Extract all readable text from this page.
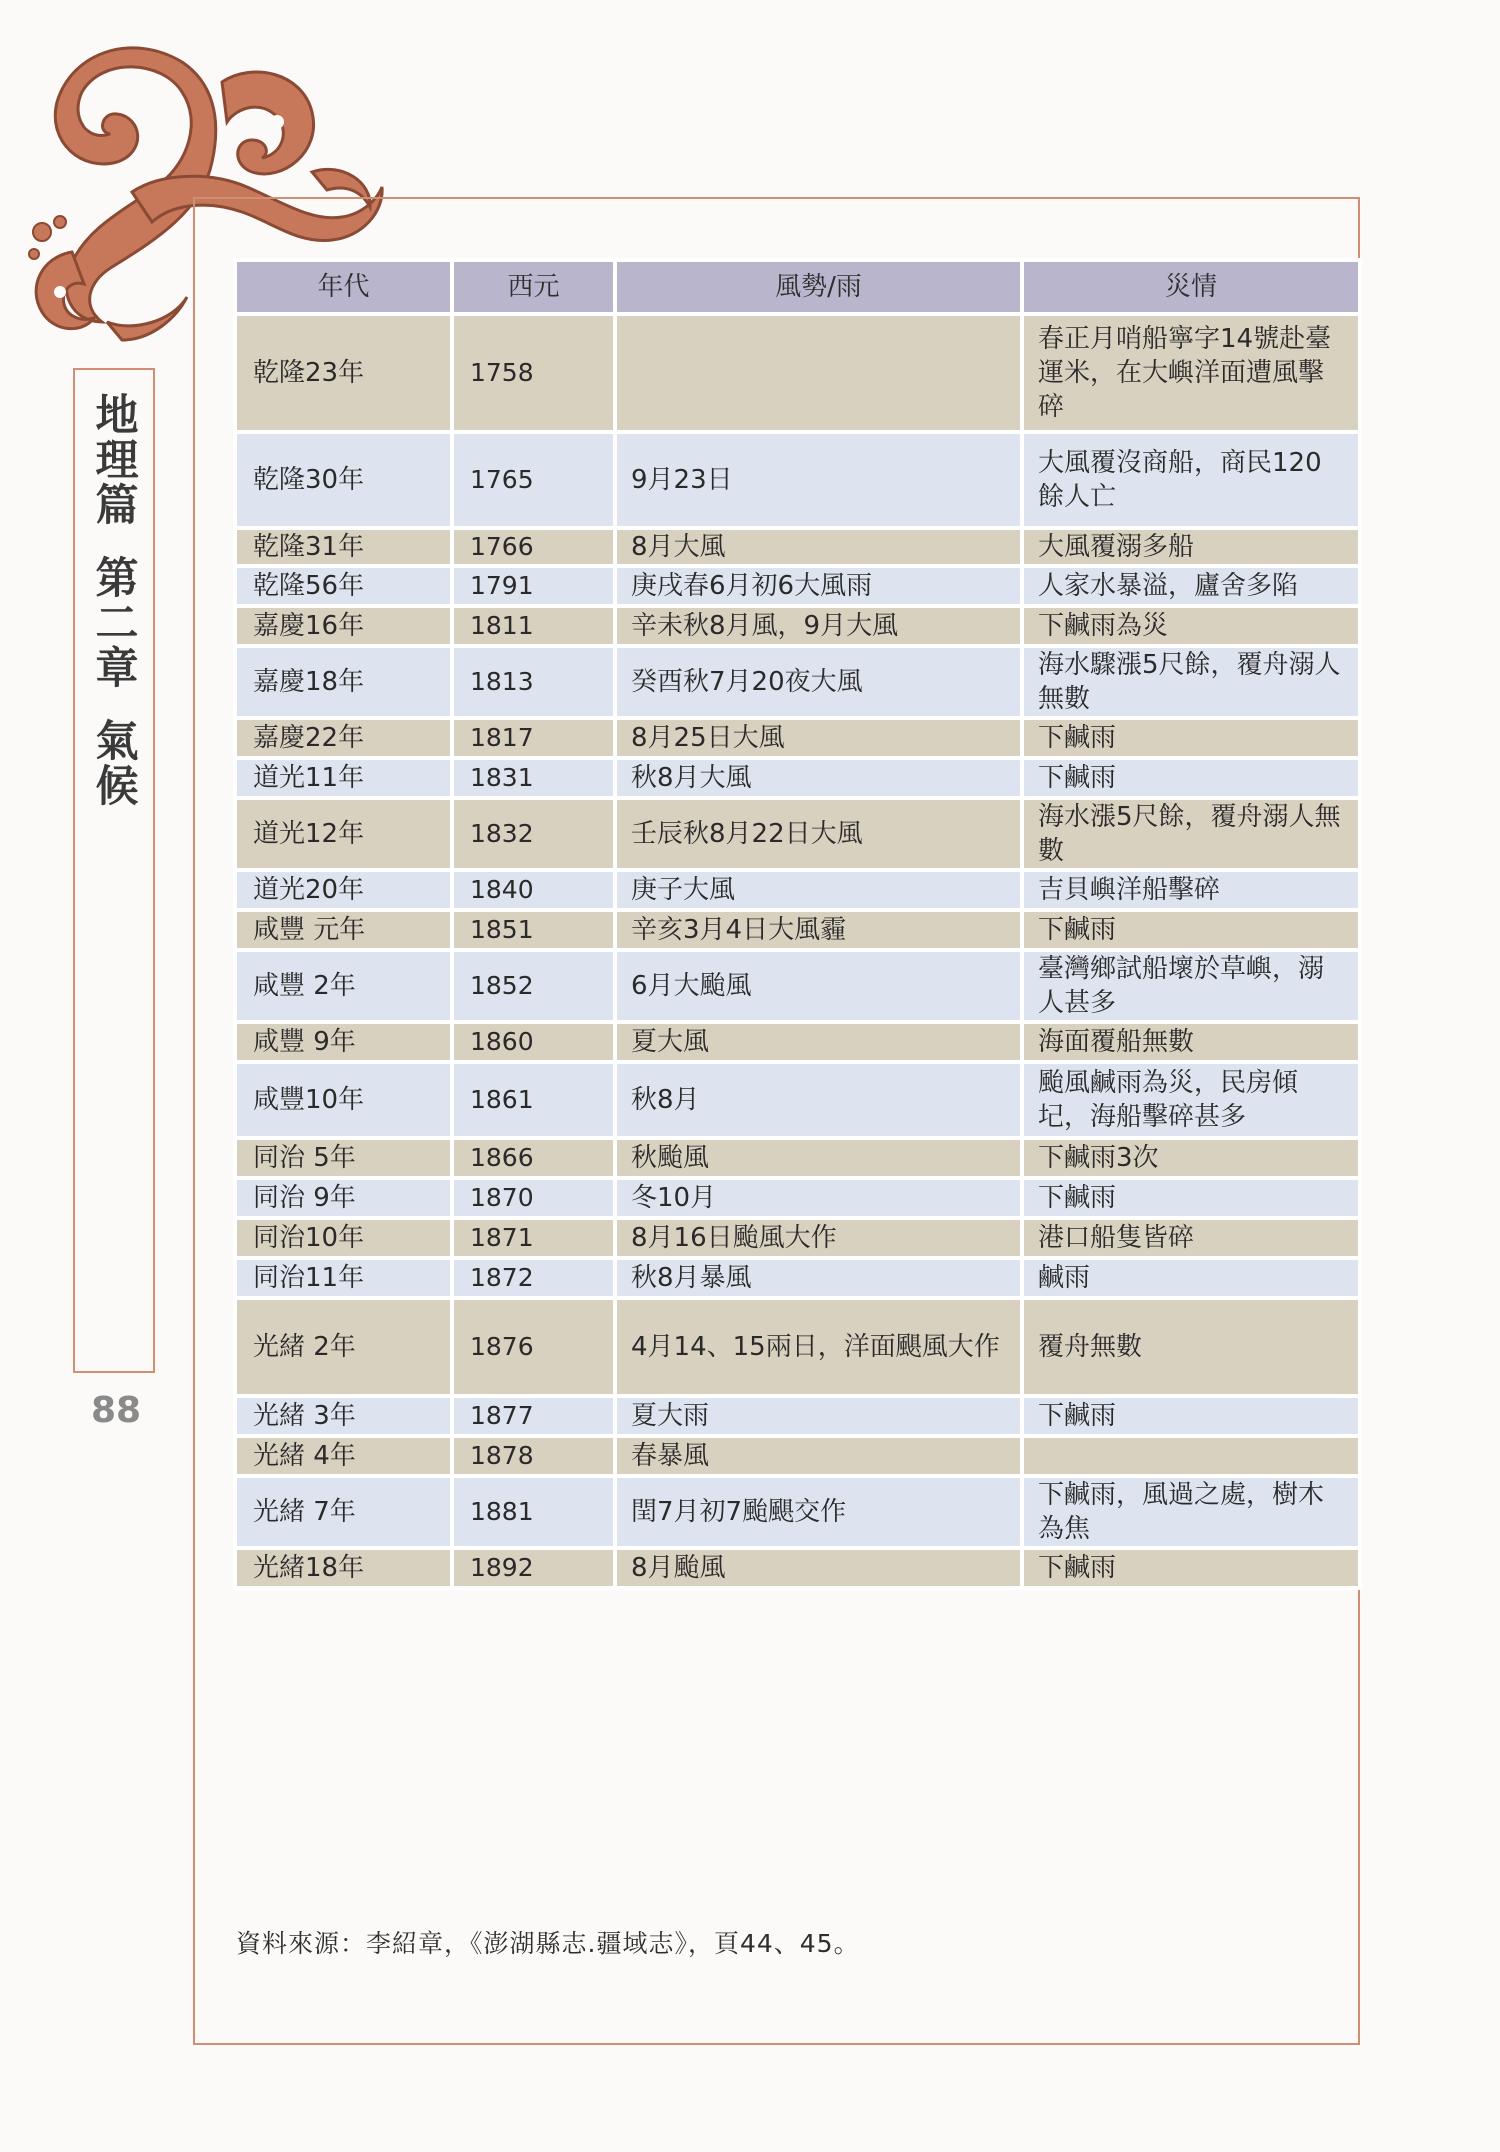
地理篇
第二章
氣候
88
年代	西元	風勢/雨	災情
乾隆23年	1758		春正月哨船寧字14號赴臺運米，在大嶼洋面遭風擊碎
乾隆30年	1765	9月23日	大風覆沒商船，商民120餘人亡
乾隆31年	1766	8月大風	大風覆溺多船
乾隆56年	1791	庚戌春6月初6大風雨	人家水暴溢，廬舍多陷
嘉慶16年	1811	辛未秋8月風，9月大風	下鹹雨為災
嘉慶18年	1813	癸酉秋7月20夜大風	海水驟漲5尺餘，覆舟溺人無數
嘉慶22年	1817	8月25日大風	下鹹雨
道光11年	1831	秋8月大風	下鹹雨
道光12年	1832	壬辰秋8月22日大風	海水漲5尺餘，覆舟溺人無數
道光20年	1840	庚子大風	吉貝嶼洋船擊碎
咸豐 元年	1851	辛亥3月4日大風霾	下鹹雨
咸豐 2年	1852	6月大颱風	臺灣鄉試船壞於草嶼，溺人甚多
咸豐 9年	1860	夏大風	海面覆船無數
咸豐10年	1861	秋8月	颱風鹹雨為災，民房傾圮，海船擊碎甚多
同治 5年	1866	秋颱風	下鹹雨3次
同治 9年	1870	冬10月	下鹹雨
同治10年	1871	8月16日颱風大作	港口船隻皆碎
同治11年	1872	秋8月暴風	鹹雨
光緒 2年	1876	4月14、15兩日，洋面颶風大作	覆舟無數
光緒 3年	1877	夏大雨	下鹹雨
光緒 4年	1878	春暴風	
光緒 7年	1881	閏7月初7颱颶交作	下鹹雨，風過之處，樹木為焦
光緒18年	1892	8月颱風	下鹹雨
資料來源：李紹章，《澎湖縣志.疆域志》，頁44、45。
